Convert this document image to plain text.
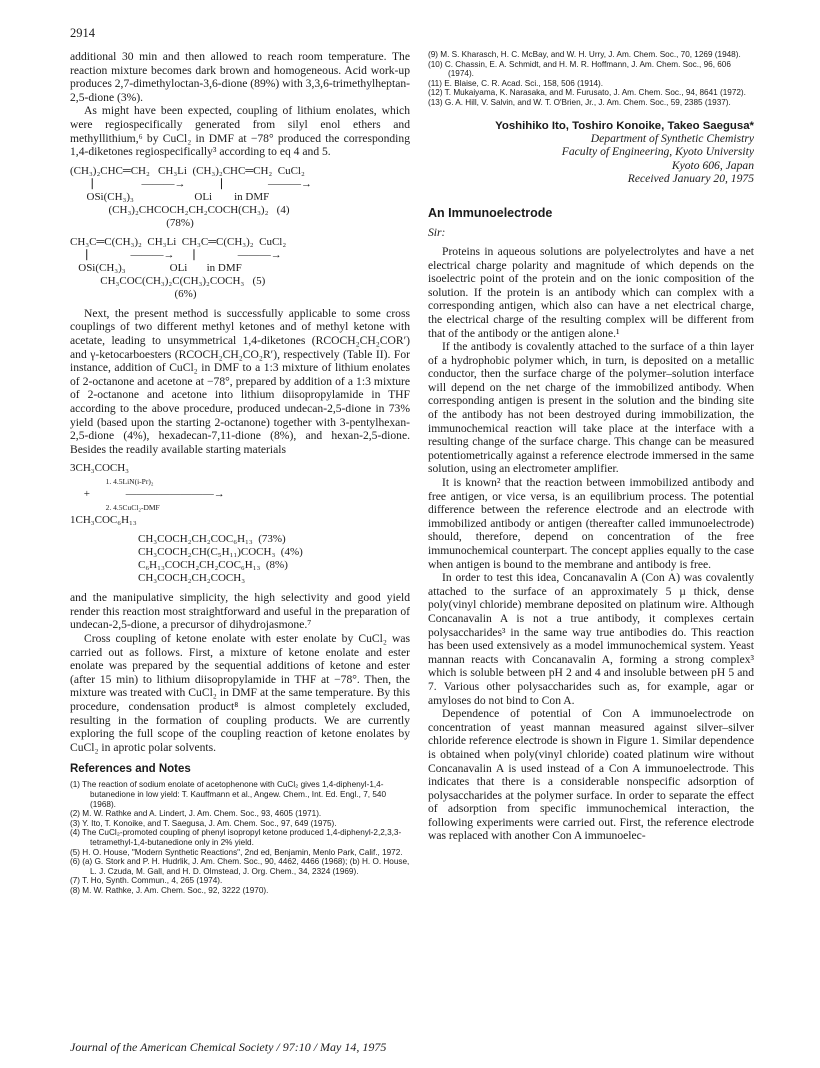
2914

additional 30 min and then allowed to reach room temperature. The reaction mixture becomes dark brown and homogeneous. Acid work-up produces 2,7-dimethyloctan-3,6-dione (89%) with 3,3,6-trimethylheptan-2,5-dione (3%).

As might have been expected, coupling of lithium enolates, which were regiospecifically generated from silyl enol ethers and methyllithium,⁶ by CuCl₂ in DMF at −78° produced the corresponding 1,4-diketones regiospecifically³ according to eq 4 and 5.

(CH₃)₂CHC═CH₂   CH₃Li  (CH₃)₂CHC═CH₂  CuCl₂
⎸              ———→             ⎸             ———→
OSi(CH₃)₃                      OLi        in DMF
(CH₃)₂CHCOCH₂CH₂COCH(CH₃)₂   (4)
(78%)
CH₃C═C(CH₃)₂  CH₃Li  CH₃C═C(CH₃)₂  CuCl₂
⎸            ———→       ⎸            ———→
OSi(CH₃)₃                OLi       in DMF
CH₃COC(CH₃)₂C(CH₃)₂COCH₃   (5)
(6%)

Next, the present method is successfully applicable to some cross couplings of two different methyl ketones and of methyl ketone with acetate, leading to unsymmetrical 1,4-diketones (RCOCH₂CH₂COR′) and γ-ketocarboesters (RCOCH₂CH₂CO₂R′), respectively (Table II). For instance, addition of CuCl₂ in DMF to a 1:3 mixture of lithium enolates of 2-octanone and acetone at −78°, prepared by addition of a 1:3 mixture of 2-octanone and acetone into lithium diisopropylamide in THF according to the above procedure, produced undecan-2,5-dione in 73% yield (based upon the starting 2-octanone) together with 3-pentylhexan-2,5-dione (4%), hexadecan-7,11-dione (8%), and hexan-2,5-dione. Besides the readily available starting materials

3CH₃COCH₃
1. 4.5LiN(i-Pr)₂
+             ————————→
2. 4.5CuCl₂-DMF
1CH₃COC₆H₁₃
CH₃COCH₂CH₂COC₆H₁₃  (73%)
CH₃COCH₂CH(C₅H₁₁)COCH₃  (4%)
C₆H₁₃COCH₂CH₂COC₆H₁₃  (8%)
CH₃COCH₂CH₂COCH₃

and the manipulative simplicity, the high selectivity and good yield render this reaction most straightforward and useful in the preparation of undecan-2,5-dione, a precursor of dihydrojasmone.⁷

Cross coupling of ketone enolate with ester enolate by CuCl₂ was carried out as follows. First, a mixture of ketone enolate and ester enolate was prepared by the sequential additions of ketone and ester (after 15 min) to lithium diisopropylamide in THF at −78°. Then, the mixture was treated with CuCl₂ in DMF at the same temperature. By this procedure, condensation product⁸ is almost completely excluded, resulting in the formation of coupling products. We are currently exploring the full scope of the coupling reaction of ketone enolates by CuCl₂ in aprotic polar solvents.

References and Notes
(1) The reaction of sodium enolate of acetophenone with CuCl₂ gives 1,4-diphenyl-1,4-butanedione in low yield: T. Kauffmann et al., Angew. Chem., Int. Ed. Engl., 7, 540 (1968).
(2) M. W. Rathke and A. Lindert, J. Am. Chem. Soc., 93, 4605 (1971).
(3) Y. Ito, T. Konoike, and T. Saegusa, J. Am. Chem. Soc., 97, 649 (1975).
(4) The CuCl₂-promoted coupling of phenyl isopropyl ketone produced 1,4-diphenyl-2,2,3,3-tetramethyl-1,4-butanedione only in 2% yield.
(5) H. O. House, "Modern Synthetic Reactions", 2nd ed, Benjamin, Menlo Park, Calif., 1972.
(6) (a) G. Stork and P. H. Hudrlik, J. Am. Chem. Soc., 90, 4462, 4466 (1968); (b) H. O. House, L. J. Czuda, M. Gall, and H. D. Olmstead, J. Org. Chem., 34, 2324 (1969).
(7) T. Ho, Synth. Commun., 4, 265 (1974).
(8) M. W. Rathke, J. Am. Chem. Soc., 92, 3222 (1970).
(9) M. S. Kharasch, H. C. McBay, and W. H. Urry, J. Am. Chem. Soc., 70, 1269 (1948).
(10) C. Chassin, E. A. Schmidt, and H. M. R. Hoffmann, J. Am. Chem. Soc., 96, 606 (1974).
(11) E. Blaise, C. R. Acad. Sci., 158, 506 (1914).
(12) T. Mukaiyama, K. Narasaka, and M. Furusato, J. Am. Chem. Soc., 94, 8641 (1972).
(13) G. A. Hill, V. Salvin, and W. T. O'Brien, Jr., J. Am. Chem. Soc., 59, 2385 (1937).
Yoshihiko Ito, Toshiro Konoike, Takeo Saegusa*
Department of Synthetic Chemistry
Faculty of Engineering, Kyoto University
Kyoto 606, Japan
Received January 20, 1975
An Immunoelectrode
Sir:

Proteins in aqueous solutions are polyelectrolytes and have a net electrical charge polarity and magnitude of which depends on the isoelectric point of the protein and on the ionic composition of the solution. If the protein is an antibody which can complex with a corresponding antigen, which also can have a net electrical charge, the electrical charge of the resulting complex will be different from that of the antibody or the antigen alone.¹

If the antibody is covalently attached to the surface of a thin layer of a hydrophobic polymer which, in turn, is deposited on a metallic conductor, then the surface charge of the polymer–solution interface will depend on the net charge of the immobilized antibody. When corresponding antigen is present in the solution and the binding site of the antibody has not been destroyed during immobilization, the immunochemical reaction will take place at the interface with a resulting change of the surface charge. This change can be measured potentiometrically against a reference electrode immersed in the same solution, using an electrometer amplifier.

It is known² that the reaction between immobilized antibody and free antigen, or vice versa, is an equilibrium process. The potential difference between the reference electrode and an electrode with immobilized antibody or antigen (thereafter called immunoelectrode) should, therefore, depend on concentration of the free immunochemical counterpart. The concept applies equally to the case when antigen is bound to the membrane and antibody is free.

In order to test this idea, Concanavalin A (Con A) was covalently attached to the surface of an approximately 5 µ thick, dense poly(vinyl chloride) membrane deposited on platinum wire. Although Concanavalin A is not a true antibody, it complexes certain polysaccharides³ in the same way true antibodies do. This reaction has been used extensively as a model immunochemical system. Yeast mannan reacts with Concanavalin A, forming a strong complex³ which is soluble between pH 2 and 4 and insoluble between pH 5 and 7. Various other polysaccharides such as, for example, agar or amyloses do not bind to Con A.

Dependence of potential of Con A immunoelectrode on concentration of yeast mannan measured against silver–silver chloride reference electrode is shown in Figure 1. Similar dependence is obtained when poly(vinyl chloride) coated platinum wire without Concanavalin A is used instead of a Con A immunoelectrode. This indicates that there is a considerable nonspecific adsorption of polysaccharides at the polymer surface. In order to separate the effect of adsorption from specific immunochemical interaction, the following experiments were carried out. First, the reference electrode was replaced with another Con A immunoelec-

Journal of the American Chemical Society / 97:10 / May 14, 1975
